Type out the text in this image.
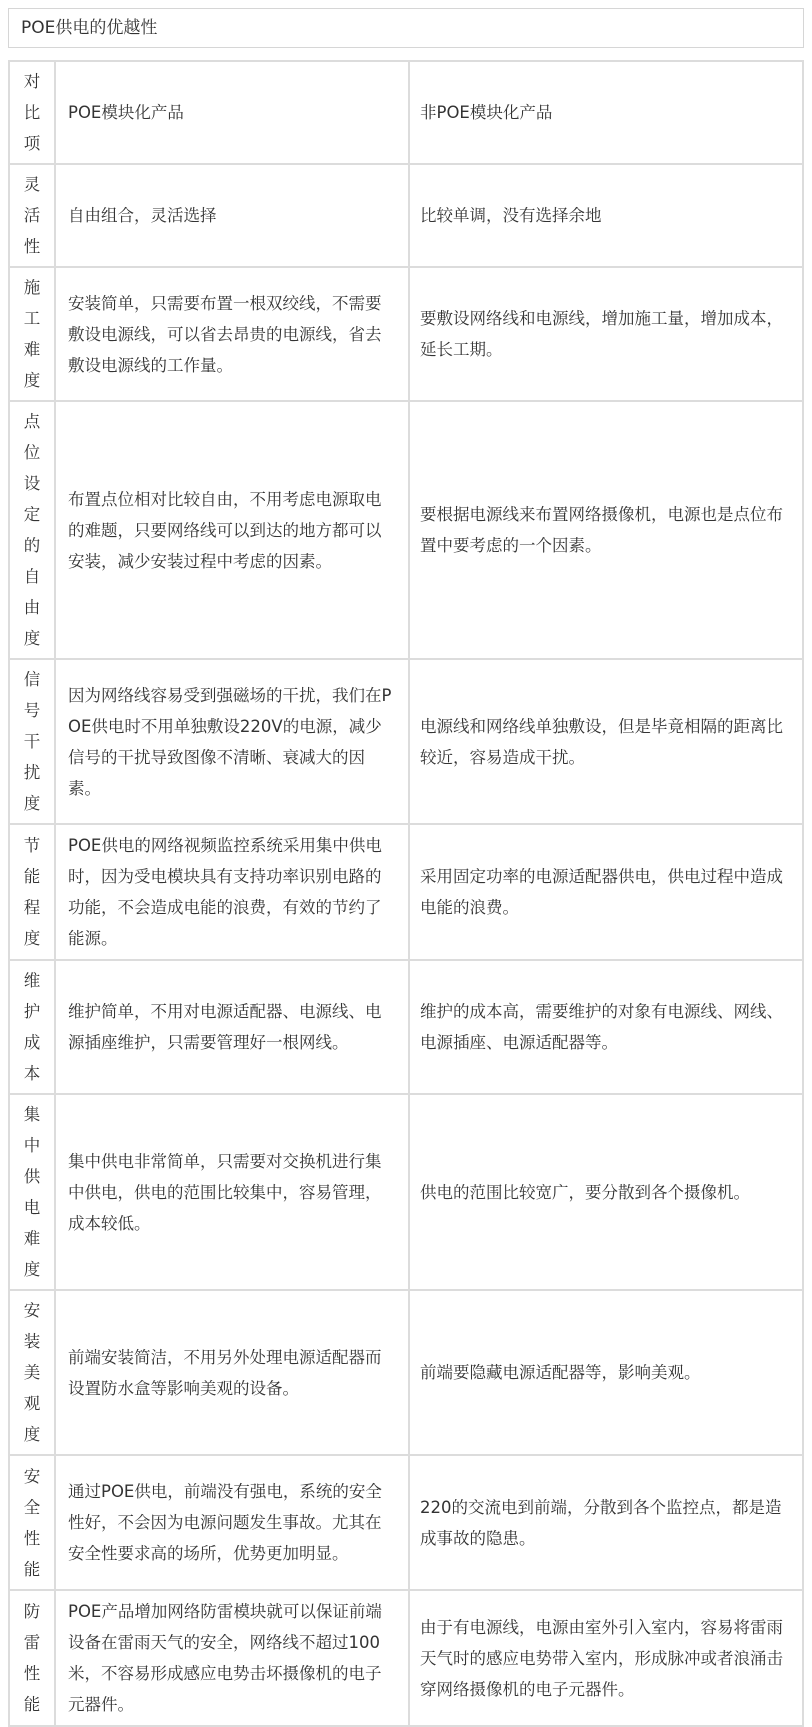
POE供电的优越性
对比项	POE模块化产品	非POE模块化产品
灵活性	自由组合，灵活选择	比较单调，没有选择余地
施工难度	安装简单，只需要布置一根双绞线，不需要敷设电源线，可以省去昂贵的电源线，省去敷设电源线的工作量。	要敷设网络线和电源线，增加施工量，增加成本，延长工期。
点位设定的自由度	布置点位相对比较自由，不用考虑电源取电的难题，只要网络线可以到达的地方都可以安装，减少安装过程中考虑的因素。	要根据电源线来布置网络摄像机，电源也是点位布置中要考虑的一个因素。
信号干扰度	因为网络线容易受到强磁场的干扰，我们在POE供电时不用单独敷设220V的电源，减少信号的干扰导致图像不清晰、衰减大的因素。	电源线和网络线单独敷设，但是毕竟相隔的距离比较近，容易造成干扰。
节能程度	POE供电的网络视频监控系统采用集中供电时，因为受电模块具有支持功率识别电路的功能，不会造成电能的浪费，有效的节约了能源。	采用固定功率的电源适配器供电，供电过程中造成电能的浪费。
维护成本	维护简单，不用对电源适配器、电源线、电源插座维护，只需要管理好一根网线。	维护的成本高，需要维护的对象有电源线、网线、电源插座、电源适配器等。
集中供电难度	集中供电非常简单，只需要对交换机进行集中供电，供电的范围比较集中，容易管理，成本较低。	供电的范围比较宽广，要分散到各个摄像机。
安装美观度	前端安装简洁，不用另外处理电源适配器而设置防水盒等影响美观的设备。	前端要隐藏电源适配器等，影响美观。
安全性能	通过POE供电，前端没有强电，系统的安全性好，不会因为电源问题发生事故。尤其在安全性要求高的场所，优势更加明显。	220的交流电到前端，分散到各个监控点，都是造成事故的隐患。
防雷性能	POE产品增加网络防雷模块就可以保证前端设备在雷雨天气的安全，网络线不超过100米，不容易形成感应电势击坏摄像机的电子元器件。	由于有电源线，电源由室外引入室内，容易将雷雨天气时的感应电势带入室内，形成脉冲或者浪涌击穿网络摄像机的电子元器件。
